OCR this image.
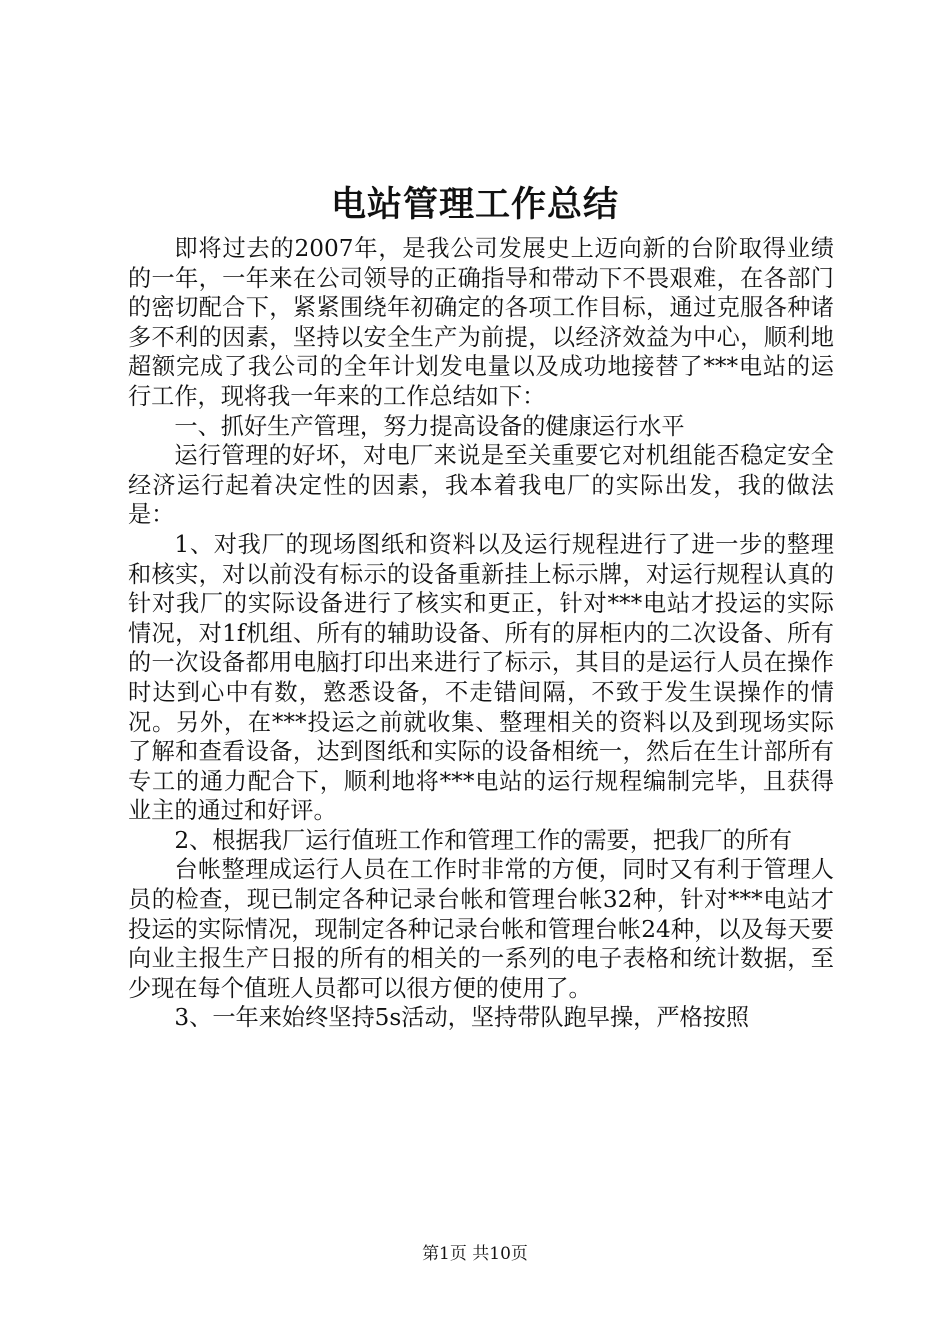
电站管理工作总结

即将过去的2007年，是我公司发展史上迈向新的台阶取得业绩的一年，一年来在公司领导的正确指导和带动下不畏艰难，在各部门的密切配合下，紧紧围绕年初确定的各项工作目标，通过克服各种诸多不利的因素，坚持以安全生产为前提，以经济效益为中心，顺利地超额完成了我公司的全年计划发电量以及成功地接替了***电站的运行工作，现将我一年来的工作总结如下：

一、抓好生产管理，努力提高设备的健康运行水平

运行管理的好坏，对电厂来说是至关重要它对机组能否稳定安全经济运行起着决定性的因素，我本着我电厂的实际出发，我的做法是：

1、对我厂的现场图纸和资料以及运行规程进行了进一步的整理和核实，对以前没有标示的设备重新挂上标示牌，对运行规程认真的针对我厂的实际设备进行了核实和更正，针对***电站才投运的实际情况，对1f机组、所有的辅助设备、所有的屏柜内的二次设备、所有的一次设备都用电脑打印出来进行了标示，其目的是运行人员在操作时达到心中有数，憝悉设备，不走错间隔，不致于发生误操作的情况。另外，在***投运之前就收集、整理相关的资料以及到现场实际了解和查看设备，达到图纸和实际的设备相统一，然后在生计部所有专工的通力配合下，顺利地将***电站的运行规程编制完毕，且获得业主的通过和好评。

2、根据我厂运行值班工作和管理工作的需要，把我厂的所有

台帐整理成运行人员在工作时非常的方便，同时又有利于管理人员的检查，现已制定各种记录台帐和管理台帐32种，针对***电站才投运的实际情况，现制定各种记录台帐和管理台帐24种，以及每天要向业主报生产日报的所有的相关的一系列的电子表格和统计数据，至少现在每个值班人员都可以很方便的使用了。

3、一年来始终坚持5s活动，坚持带队跑早操，严格按照

第1页 共10页
